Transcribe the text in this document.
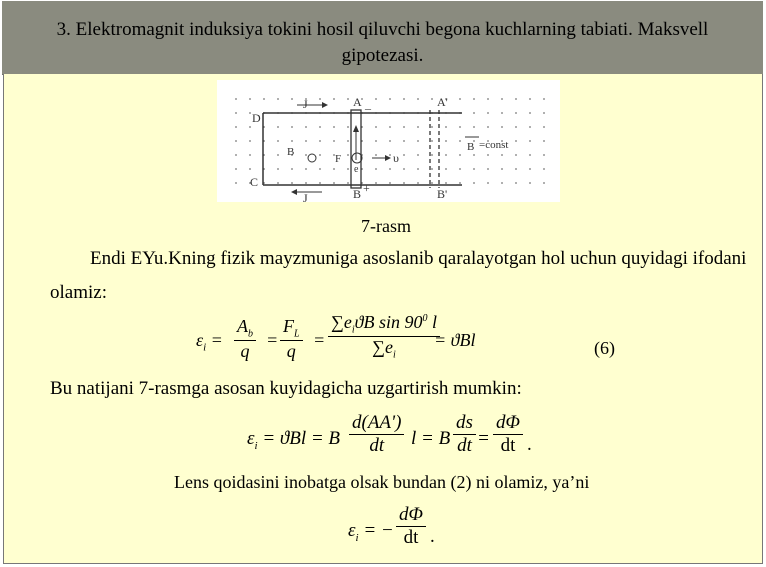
3. Elektromagnit induksiya tokini hosil qiluvchi begona kuchlarning tabiati. Maksvell
gipotezasi.
J
J
D
C
A _	A'
B +	B'
B =const
B
F	υ
e
7-rasm
Endi EYu.Kning fizik mayzmuniga asoslanib qaralayotgan hol uchun quyidagi ifodani
olamiz:
$\varepsilon_i = \frac{A_b}{q} = \frac{F_L}{q}$ =
$\sum e_iϑB$ $\sin 90^0$ l
$\sum e_i$
= ϑBl	(6)
Bu natijani 7-rasmga asosan kuyidagicha uzgartirish mumkin:
$\varepsilon_i = ϑBl = B \frac{d(AA')}{dt}$ l = B $\frac{ds}{dt} = \frac{d\Phi}{dt}$ .
Lens qoidasini inobatga olsak bundan (2) ni olamiz, ya’ni
$\varepsilon_i$ = − $\frac{d\Phi}{dt}$ .
